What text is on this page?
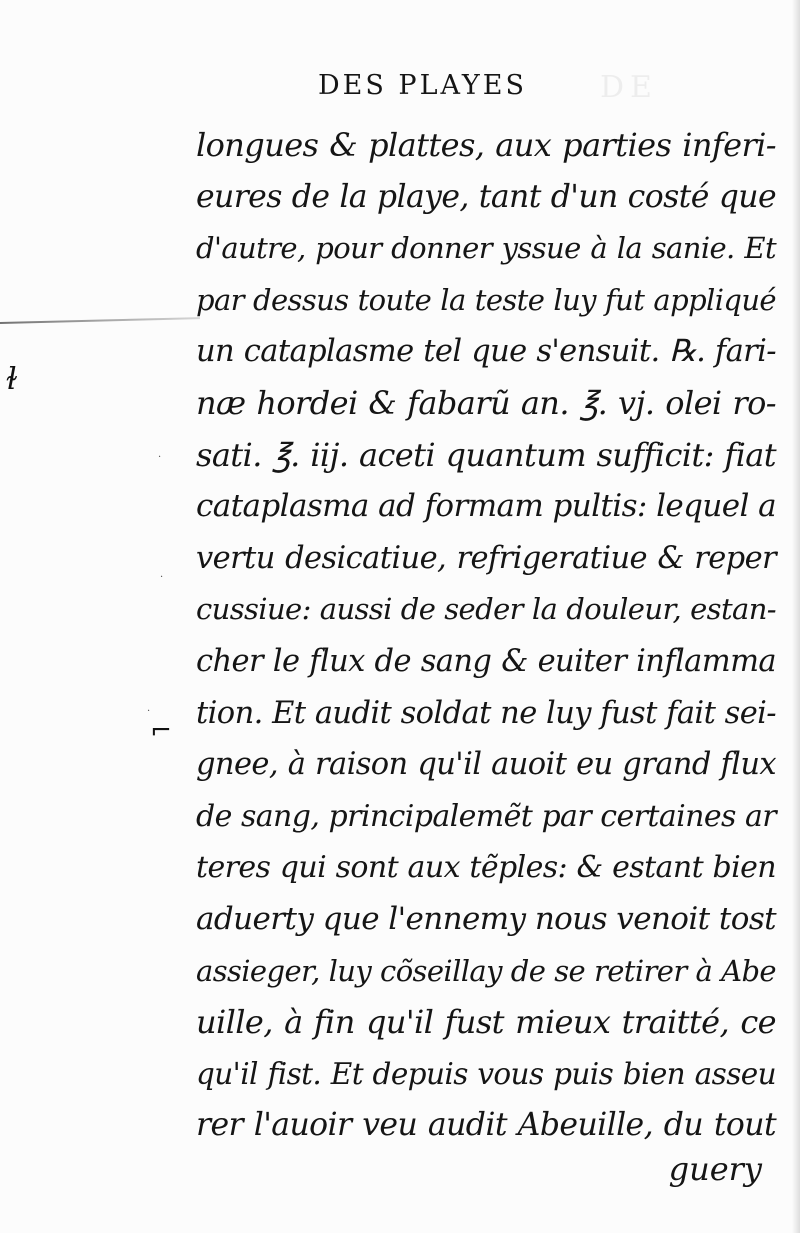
DE
ɫ
⌐
·
·
·
DES PLAYES
longues & plattes, aux parties inferi-
eures de la playe, tant d'un costé que
d'autre, pour donner yssue à la sanie. Et
par dessus toute la teste luy fut appliqué
un cataplasme tel que s'ensuit. ℞. fari-
næ hordei & fabarũ an. ℥. vj. olei ro-
sati. ℥. iij. aceti quantum sufficit: fiat
cataplasma ad formam pultis: lequel a
vertu desicatiue, refrigeratiue & reper
cussiue: aussi de seder la douleur, estan-
cher le flux de sang & euiter inflamma
tion. Et audit soldat ne luy fust fait sei-
gnee, à raison qu'il auoit eu grand flux
de sang, principalemẽt par certaines ar
teres qui sont aux tẽples: & estant bien
aduerty que l'ennemy nous venoit tost
assieger, luy cõseillay de se retirer à Abe
uille, à fin qu'il fust mieux traitté, ce
qu'il fist. Et depuis vous puis bien asseu
rer l'auoir veu audit Abeuille, du tout
guery
